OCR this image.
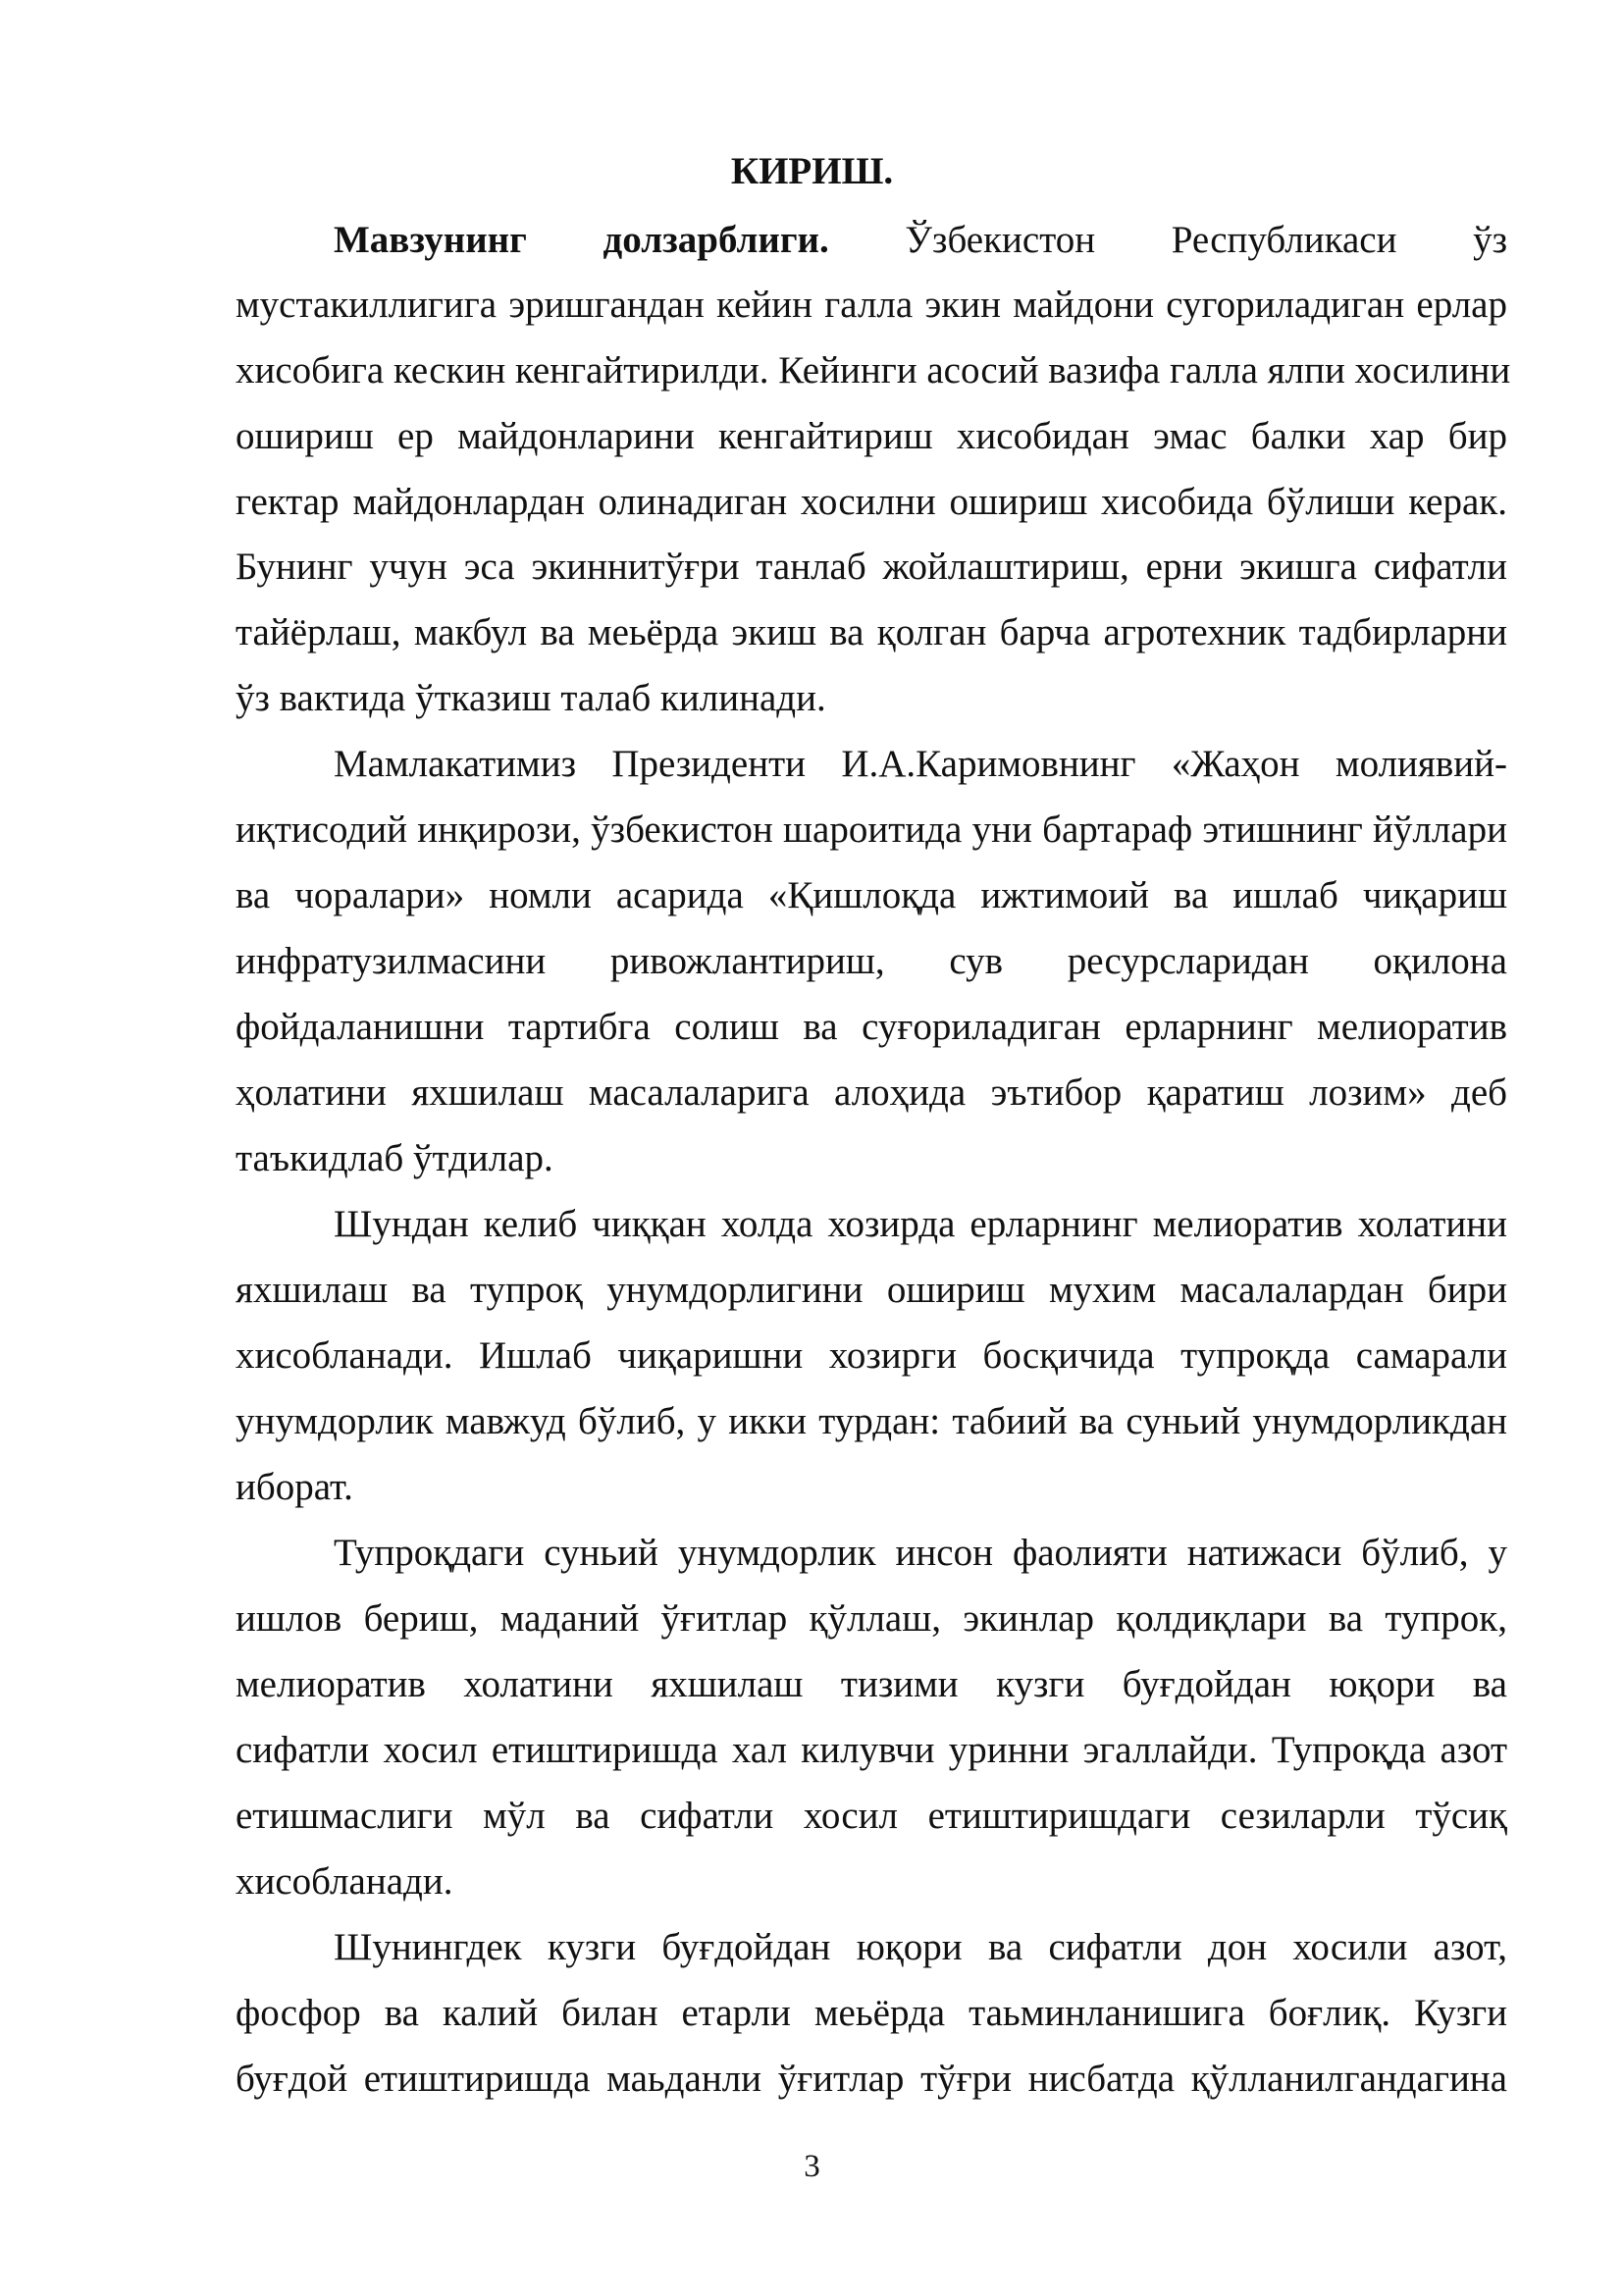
КИРИШ.
Мавзунинг долзарблиги. Ўзбекистон Республикаси ўз
мустакиллигига эришгандан кейин галла экин майдони сугориладиган ерлар
хисобига кескин кенгайтирилди. Кейинги асосий вазифа галла ялпи хосилини
ошириш ер майдонларини кенгайтириш хисобидан эмас балки хар бир
гектар майдонлардан олинадиган хосилни ошириш хисобида бўлиши керак.
Бунинг учун эса экиннитўғри танлаб жойлаштириш, ерни экишга сифатли
тайёрлаш, макбул ва меьёрда экиш ва қолган барча агротехник тадбирларни
ўз вактида ўтказиш талаб килинади.
Мамлакатимиз Президенти И.А.Каримовнинг «Жаҳон молиявий-
иқтисодий инқирози, ўзбекистон шароитида уни бартараф этишнинг йўллари
ва чоралари» номли асарида «Қишлоқда ижтимоий ва ишлаб чиқариш
инфратузилмасини ривожлантириш, сув ресурсларидан оқилона
фойдаланишни тартибга солиш ва суғориладиган ерларнинг мелиоратив
ҳолатини яхшилаш масалаларига алоҳида эътибор қаратиш лозим» деб
таъкидлаб ўтдилар.
Шундан келиб чиққан холда хозирда ерларнинг мелиоратив холатини
яхшилаш ва тупроқ унумдорлигини ошириш мухим масалалардан бири
хисобланади. Ишлаб чиқаришни хозирги босқичида тупроқда самарали
унумдорлик мавжуд бўлиб, у икки турдан: табиий ва суньий унумдорликдан
иборат.
Тупроқдаги суньий унумдорлик инсон фаолияти натижаси бўлиб, у
ишлов бериш, маданий ўғитлар қўллаш, экинлар қолдиқлари ва тупрок,
мелиоратив холатини яхшилаш тизими кузги буғдойдан юқори ва
сифатли хосил етиштиришда хал килувчи уринни эгаллайди. Тупроқда азот
етишмаслиги мўл ва сифатли хосил етиштиришдаги сезиларли тўсиқ
хисобланади.
Шунингдек кузги буғдойдан юқори ва сифатли дон хосили азот,
фосфор ва калий билан етарли меьёрда таьминланишига боғлиқ. Кузги
буғдой етиштиришда маьданли ўғитлар тўғри нисбатда қўлланилгандагина
3
